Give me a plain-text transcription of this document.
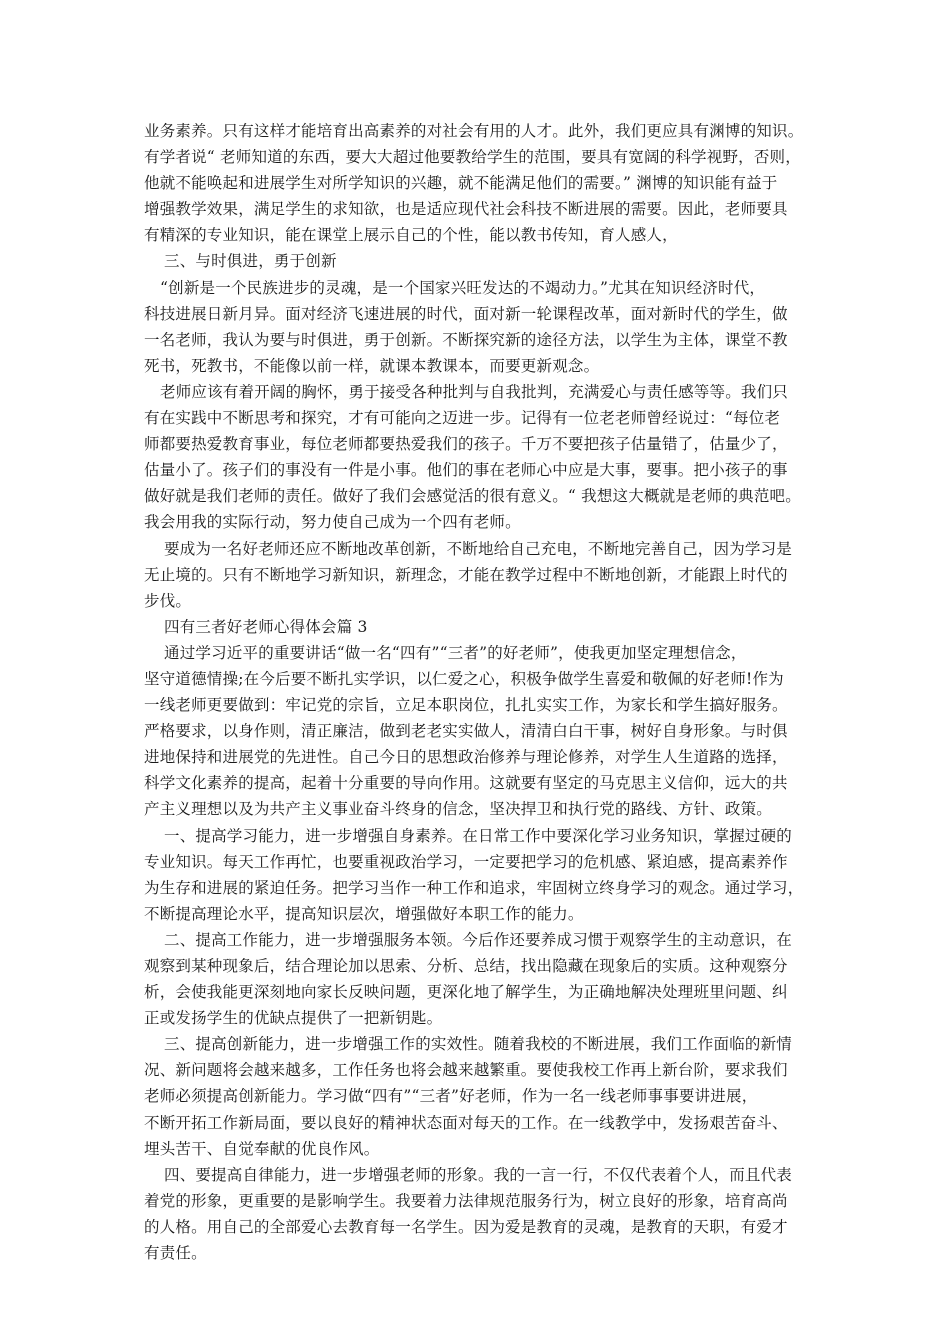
业务素养。只有这样才能培育出高素养的对社会有用的人才。此外，我们更应具有渊博的知识。
有学者说“ 老师知道的东西，要大大超过他要教给学生的范围，要具有宽阔的科学视野，否则，
他就不能唤起和进展学生对所学知识的兴趣，就不能满足他们的需要。” 渊博的知识能有益于
增强教学效果，满足学生的求知欲，也是适应现代社会科技不断进展的需要。因此，老师要具
有精深的专业知识，能在课堂上展示自己的个性，能以教书传知，育人感人，
三、与时俱进，勇于创新
“创新是一个民族进步的灵魂，是一个国家兴旺发达的不竭动力。”尤其在知识经济时代，
科技进展日新月异。面对经济飞速进展的时代，面对新一轮课程改革，面对新时代的学生，做
一名老师，我认为要与时俱进，勇于创新。不断探究新的途径方法，以学生为主体，课堂不教
死书，死教书，不能像以前一样，就课本教课本，而要更新观念。
老师应该有着开阔的胸怀，勇于接受各种批判与自我批判，充满爱心与责任感等等。我们只
有在实践中不断思考和探究，才有可能向之迈进一步。记得有一位老老师曾经说过：“每位老
师都要热爱教育事业，每位老师都要热爱我们的孩子。千万不要把孩子估量错了，估量少了，
估量小了。孩子们的事没有一件是小事。他们的事在老师心中应是大事，要事。把小孩子的事
做好就是我们老师的责任。做好了我们会感觉活的很有意义。“ 我想这大概就是老师的典范吧。
我会用我的实际行动，努力使自己成为一个四有老师。
要成为一名好老师还应不断地改革创新，不断地给自己充电，不断地完善自己，因为学习是
无止境的。只有不断地学习新知识，新理念，才能在教学过程中不断地创新，才能跟上时代的
步伐。
四有三者好老师心得体会篇 3
通过学习近平的重要讲话“做一名“四有”“三者”的好老师”，使我更加坚定理想信念，
坚守道德情操;在今后要不断扎实学识，以仁爱之心，积极争做学生喜爱和敬佩的好老师!作为
一线老师更要做到：牢记党的宗旨，立足本职岗位，扎扎实实工作，为家长和学生搞好服务。
严格要求，以身作则，清正廉洁，做到老老实实做人，清清白白干事，树好自身形象。与时俱
进地保持和进展党的先进性。自己今日的思想政治修养与理论修养，对学生人生道路的选择，
科学文化素养的提高，起着十分重要的导向作用。这就要有坚定的马克思主义信仰，远大的共
产主义理想以及为共产主义事业奋斗终身的信念，坚决捍卫和执行党的路线、方针、政策。
一、提高学习能力，进一步增强自身素养。在日常工作中要深化学习业务知识，掌握过硬的
专业知识。每天工作再忙，也要重视政治学习，一定要把学习的危机感、紧迫感，提高素养作
为生存和进展的紧迫任务。把学习当作一种工作和追求，牢固树立终身学习的观念。通过学习，
不断提高理论水平，提高知识层次，增强做好本职工作的能力。
二、提高工作能力，进一步增强服务本领。今后作还要养成习惯于观察学生的主动意识，在
观察到某种现象后，结合理论加以思索、分析、总结，找出隐藏在现象后的实质。这种观察分
析，会使我能更深刻地向家长反映问题，更深化地了解学生，为正确地解决处理班里问题、纠
正或发扬学生的优缺点提供了一把新钥匙。
三、提高创新能力，进一步增强工作的实效性。随着我校的不断进展，我们工作面临的新情
况、新问题将会越来越多，工作任务也将会越来越繁重。要使我校工作再上新台阶，要求我们
老师必须提高创新能力。学习做“四有”“三者”好老师，作为一名一线老师事事要讲进展，
不断开拓工作新局面，要以良好的精神状态面对每天的工作。在一线教学中，发扬艰苦奋斗、
埋头苦干、自觉奉献的优良作风。
四、要提高自律能力，进一步增强老师的形象。我的一言一行，不仅代表着个人，而且代表
着党的形象，更重要的是影响学生。我要着力法律规范服务行为，树立良好的形象，培育高尚
的人格。用自己的全部爱心去教育每一名学生。因为爱是教育的灵魂，是教育的天职，有爱才
有责任。
